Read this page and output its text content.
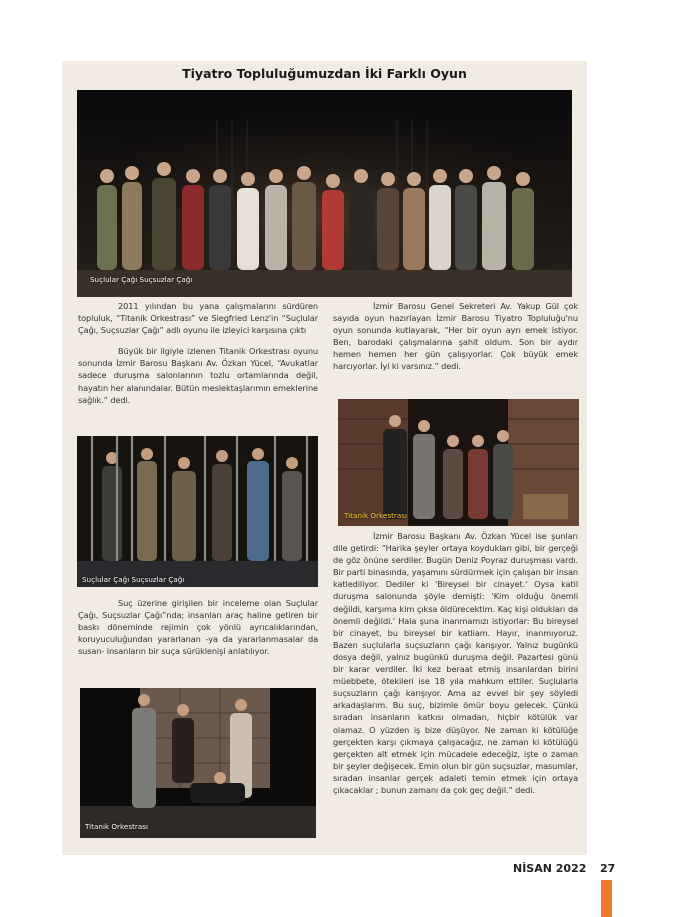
Tiyatro Topluluğumuzdan İki Farklı Oyun
Suçlular Çağı Suçsuzlar Çağı

2011 yılından bu yana çalışmalarını sürdüren topluluk, “Titanik Orkestrası” ve Siegfried Lenz'in “Suçlular Çağı, Suçsuzlar Çağı” adlı oyunu ile izleyici karşısına çıktı

Büyük bir ilgiyle izlenen Titanik Orkestrası oyunu sonunda İzmir Barosu Başkanı Av. Özkan Yücel, “Avukatlar sadece duruşma salonlarının tozlu ortamlarında değil, hayatın her alanındalar. Bütün meslektaşlarımın emeklerine sağlık.” dedi.

İzmir Barosu Genel Sekreteri Av. Yakup Gül çok sayıda oyun hazırlayan İzmir Barosu Tiyatro Topluluğu'nu oyun sonunda kutlayarak, “Her bir oyun ayrı emek istiyor. Ben, barodaki çalışmalarına şahit oldum. Son bir aydır hemen hemen her gün çalışıyorlar. Çok büyük emek harcıyorlar. İyi ki varsınız.” dedi.

Suçlular Çağı Suçsuzlar Çağı
Titanik Orkestrası

Suç üzerine girişilen bir inceleme olan Suçlular Çağı, Suçsuzlar Çağı”nda; insanları araç haline getiren bir baskı döneminde rejimin çok yönlü ayrıcalıklarından, koruyuculuğundan yararlanan -ya da yararlanmasalar da susan- insanların bir suça sürüklenişi anlatılıyor.

İzmir Barosu Başkanı Av. Özkan Yücel ise şunları dile getirdi: “Harika şeyler ortaya koydukları gibi, bir gerçeği de göz önüne serdiler. Bugün Deniz Poyraz duruşması vardı. Bir parti binasında, yaşamını sürdürmek için çalışan bir insan katlediliyor. Dediler ki 'Bireysel bir cinayet.' Oysa katil duruşma salonunda şöyle demişti: 'Kim olduğu önemli değildi, karşıma kim çıksa öldürecektim. Kaç kişi oldukları da önemli değildi.' Hala şuna inanmamızı istiyorlar: Bu bireysel bir cinayet, bu bireysel bir katliam. Hayır, inanmıyoruz. Bazen suçlularla suçsuzların çağı karışıyor. Yalnız bugünkü dosya değil, yalnız bugünkü duruşma değil. Pazartesi günü bir karar verdiler. İki kez beraat etmiş insanlardan birini müebbete, ötekileri ise 18 yıla mahkum ettiler. Suçlularla suçsuzların çağı karışıyor. Ama az evvel bir şey söyledi arkadaşlarım. Bu suç, bizimle ömür boyu gelecek. Çünkü sıradan insanların katkısı olmadan, hiçbir kötülük var olamaz. O yüzden iş bize düşüyor. Ne zaman ki kötülüğe gerçekten karşı çıkmaya çalışacağız, ne zaman ki kötülüğü gerçekten alt etmek için mücadele edeceğiz, işte o zaman bir şeyler değişecek. Emin olun bir gün suçsuzlar, masumlar, sıradan insanlar gerçek adaleti temin etmek için ortaya çıkacaklar ; bunun zamanı da çok geç değil.” dedi.

Titanik Orkestrası
NİSAN 2022 27
